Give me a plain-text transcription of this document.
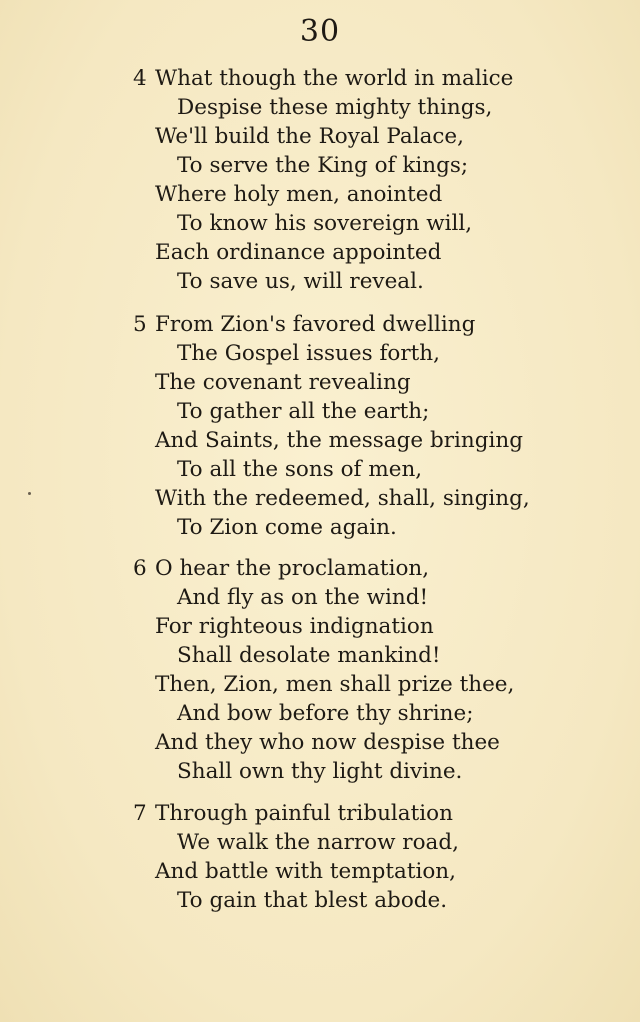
30
4 What though the world in malice
Despise these mighty things,
We'll build the Royal Palace,
To serve the King of kings;
Where holy men, anointed
To know his sovereign will,
Each ordinance appointed
To save us, will reveal.
5 From Zion's favored dwelling
The Gospel issues forth,
The covenant revealing
To gather all the earth;
And Saints, the message bringing
To all the sons of men,
With the redeemed, shall, singing,
To Zion come again.
6 O hear the proclamation,
And fly as on the wind!
For righteous indignation
Shall desolate mankind!
Then, Zion, men shall prize thee,
And bow before thy shrine;
And they who now despise thee
Shall own thy light divine.
7 Through painful tribulation
We walk the narrow road,
And battle with temptation,
To gain that blest abode.
